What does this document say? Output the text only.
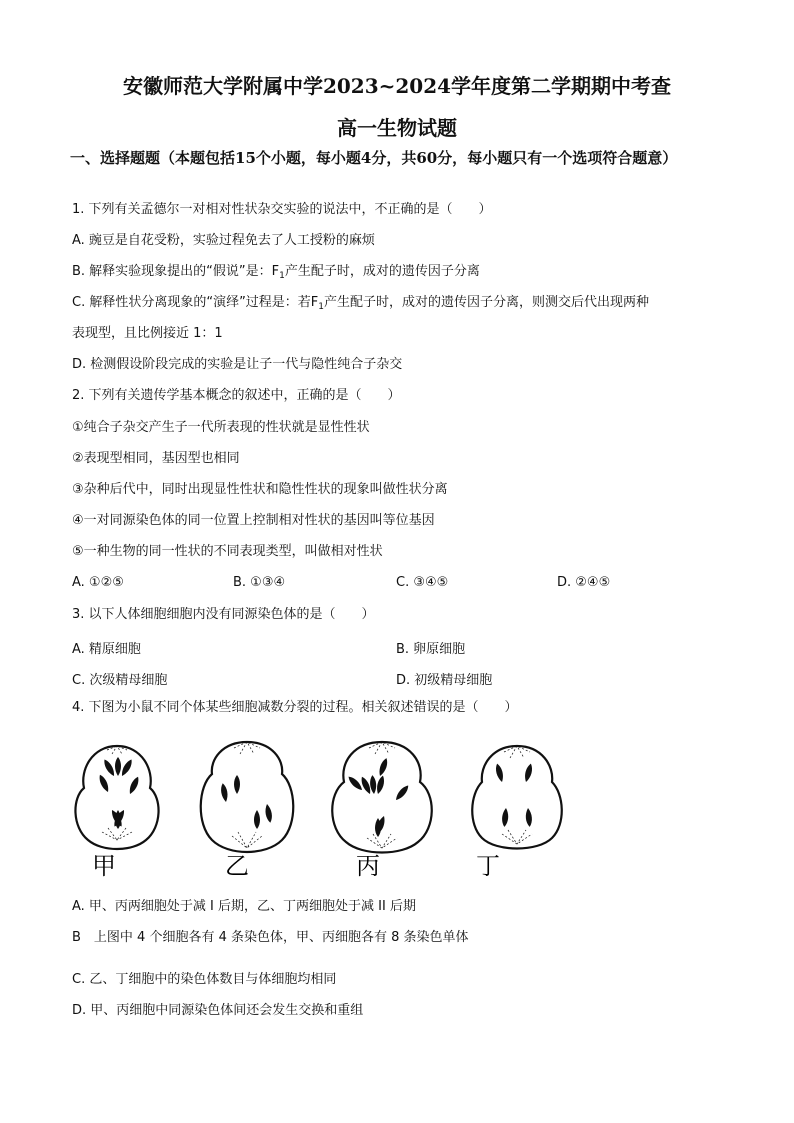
安徽师范大学附属中学2023~2024学年度第二学期期中考查
高一生物试题
一、选择题题（本题包括15个小题，每小题4分，共60分，每小题只有一个选项符合题意）
1. 下列有关孟德尔一对相对性状杂交实验的说法中，不正确的是（　　）
A. 豌豆是自花受粉，实验过程免去了人工授粉的麻烦
B. 解释实验现象提出的“假说”是：$F_1$产生配子时，成对的遗传因子分离
C. 解释性状分离现象的“演绎”过程是：若$F_1$产生配子时，成对的遗传因子分离，则测交后代出现两种
表现型，且比例接近 1：1
D. 检测假设阶段完成的实验是让子一代与隐性纯合子杂交
2. 下列有关遗传学基本概念的叙述中，正确的是（　　）
①纯合子杂交产生子一代所表现的性状就是显性性状
②表现型相同，基因型也相同
③杂种后代中，同时出现显性性状和隐性性状的现象叫做性状分离
④一对同源染色体的同一位置上控制相对性状的基因叫等位基因
⑤一种生物的同一性状的不同表现类型，叫做相对性状
A. ①②⑤	B. ①③④	C. ③④⑤	D. ②④⑤
3. 以下人体细胞细胞内没有同源染色体的是（　　）
A. 精原细胞	B. 卵原细胞
C. 次级精母细胞	D. 初级精母细胞
4. 下图为小鼠不同个体某些细胞减数分裂的过程。相关叙述错误的是（　　）
甲	乙	丙	丁
A. 甲、丙两细胞处于减 I 后期，乙、丁两细胞处于减 II 后期
B　上图中 4 个细胞各有 4 条染色体，甲、丙细胞各有 8 条染色单体
C. 乙、丁细胞中的染色体数目与体细胞均相同
D. 甲、丙细胞中同源染色体间还会发生交换和重组
